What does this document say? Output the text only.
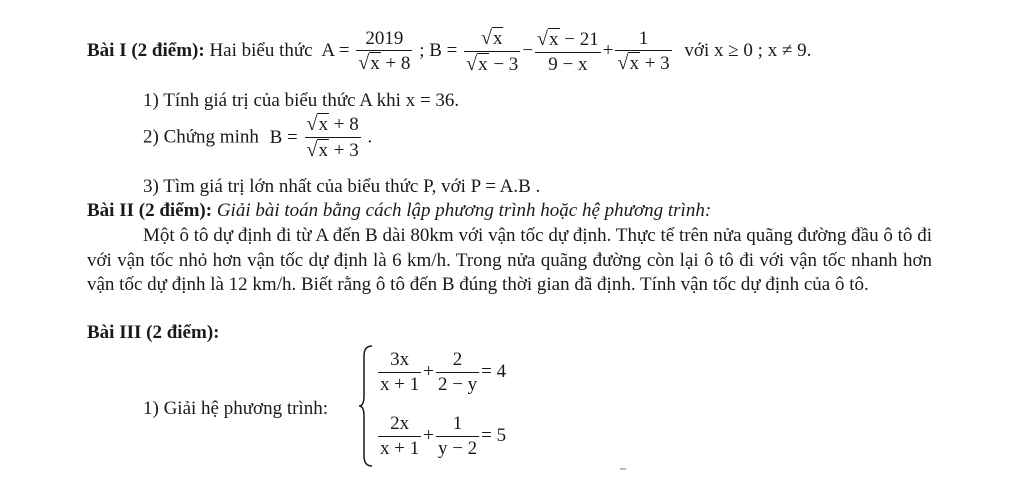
Bài I (2 điểm): Hai biểu thức $A = \frac{2019}{√x + 8}$ ; $B = \frac{√x}{√x - 3} - \frac{√x - 21}{9 - x} + \frac{1}{√x + 3}$ với x ≥ 0 ; x ≠ 9.
1) Tính giá trị của biểu thức A khi x = 36.
2) Chứng minh $B = \frac{√x + 8}{√x + 3}$ .
3) Tìm giá trị lớn nhất của biểu thức P, với P = A.B .
Bài II (2 điểm): Giải bài toán bằng cách lập phương trình hoặc hệ phương trình:
Một ô tô dự định đi từ A đến B dài 80km với vận tốc dự định. Thực tế trên nửa quãng đường đầu ô tô đi với vận tốc nhỏ hơn vận tốc dự định là 6 km/h. Trong nửa quãng đường còn lại ô tô đi với vận tốc nhanh hơn vận tốc dự định là 12 km/h. Biết rằng ô tô đến B đúng thời gian đã định. Tính vận tốc dự định của ô tô.
Bài III (2 điểm):
1) Giải hệ phương trình:
$\frac{3x}{x + 1} + \frac{2}{2 - y} = 4$
$\frac{2x}{x + 1} + \frac{1}{y - 2} = 5$
